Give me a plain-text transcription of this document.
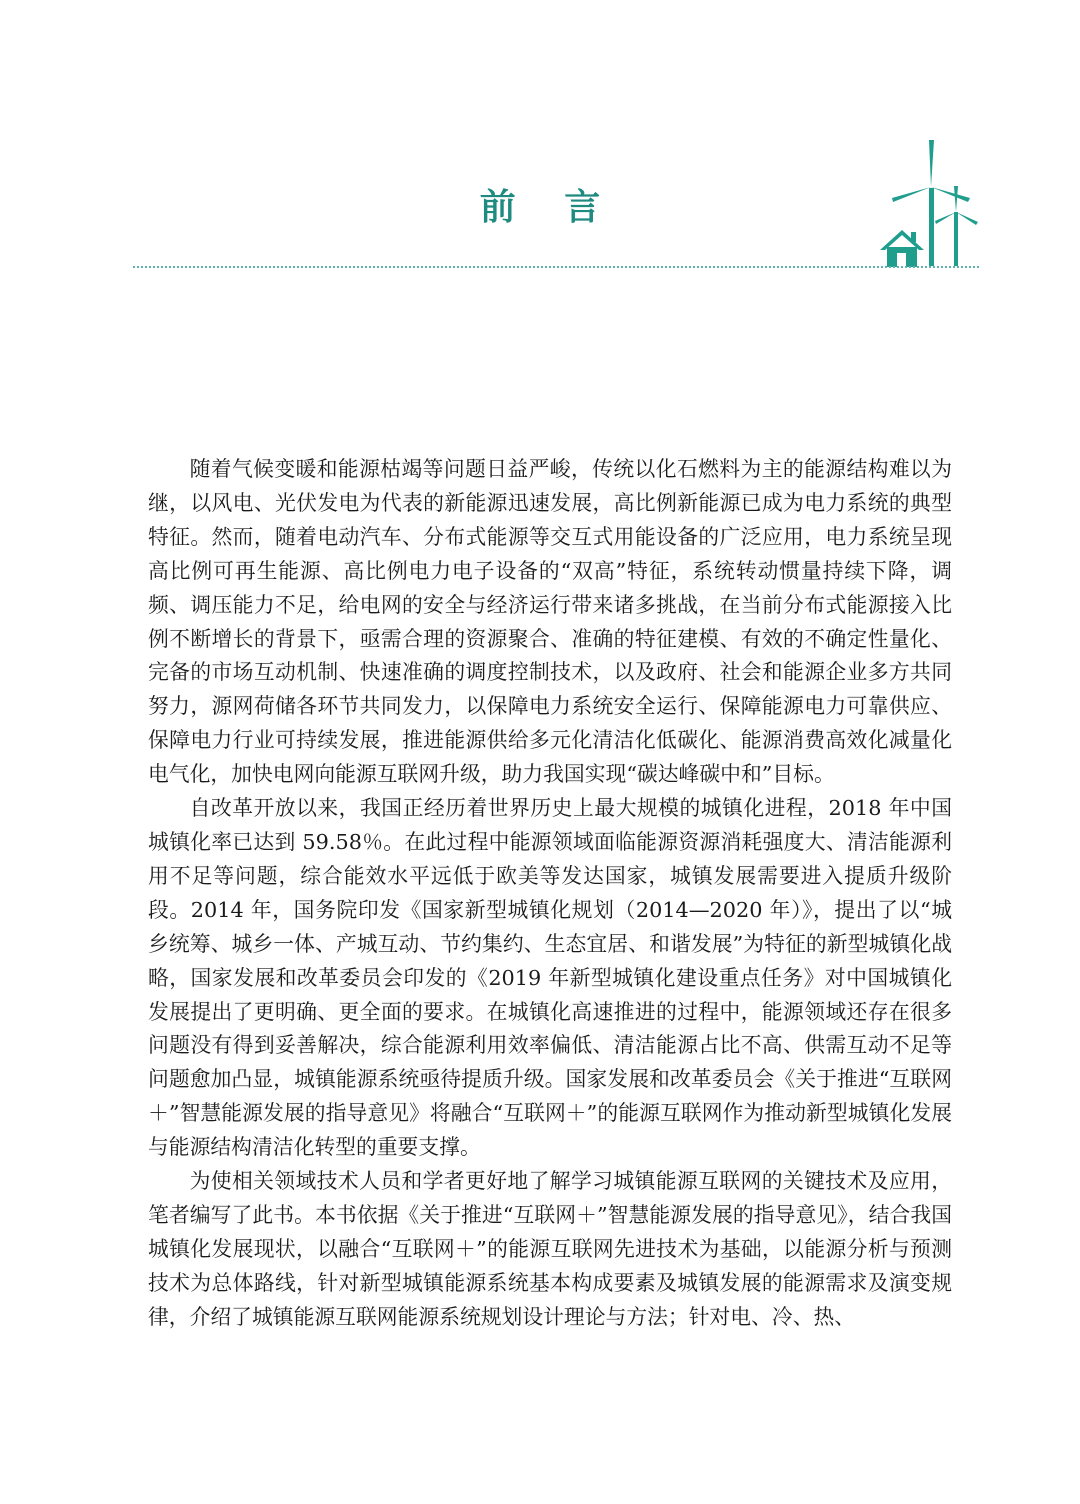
前 言

随着气候变暖和能源枯竭等问题日益严峻，传统以化石燃料为主的能源结构难以为继，以风电、光伏发电为代表的新能源迅速发展，高比例新能源已成为电力系统的典型特征。然而，随着电动汽车、分布式能源等交互式用能设备的广泛应用，电力系统呈现高比例可再生能源、高比例电力电子设备的“双高”特征，系统转动惯量持续下降，调频、调压能力不足，给电网的安全与经济运行带来诸多挑战，在当前分布式能源接入比例不断增长的背景下，亟需合理的资源聚合、准确的特征建模、有效的不确定性量化、完备的市场互动机制、快速准确的调度控制技术，以及政府、社会和能源企业多方共同努力，源网荷储各环节共同发力，以保障电力系统安全运行、保障能源电力可靠供应、保障电力行业可持续发展，推进能源供给多元化清洁化低碳化、能源消费高效化减量化电气化，加快电网向能源互联网升级，助力我国实现“碳达峰碳中和”目标。

自改革开放以来，我国正经历着世界历史上最大规模的城镇化进程，2018 年中国城镇化率已达到 59.58％。在此过程中能源领域面临能源资源消耗强度大、清洁能源利用不足等问题，综合能效水平远低于欧美等发达国家，城镇发展需要进入提质升级阶段。2014 年，国务院印发《国家新型城镇化规划（2014—2020 年）》，提出了以“城乡统筹、城乡一体、产城互动、节约集约、生态宜居、和谐发展”为特征的新型城镇化战略，国家发展和改革委员会印发的《2019 年新型城镇化建设重点任务》对中国城镇化发展提出了更明确、更全面的要求。在城镇化高速推进的过程中，能源领域还存在很多问题没有得到妥善解决，综合能源利用效率偏低、清洁能源占比不高、供需互动不足等问题愈加凸显，城镇能源系统亟待提质升级。国家发展和改革委员会《关于推进“互联网＋”智慧能源发展的指导意见》将融合“互联网＋”的能源互联网作为推动新型城镇化发展与能源结构清洁化转型的重要支撑。

为使相关领域技术人员和学者更好地了解学习城镇能源互联网的关键技术及应用，笔者编写了此书。本书依据《关于推进“互联网＋”智慧能源发展的指导意见》，结合我国城镇化发展现状，以融合“互联网＋”的能源互联网先进技术为基础，以能源分析与预测技术为总体路线，针对新型城镇能源系统基本构成要素及城镇发展的能源需求及演变规律，介绍了城镇能源互联网能源系统规划设计理论与方法；针对电、冷、热、
